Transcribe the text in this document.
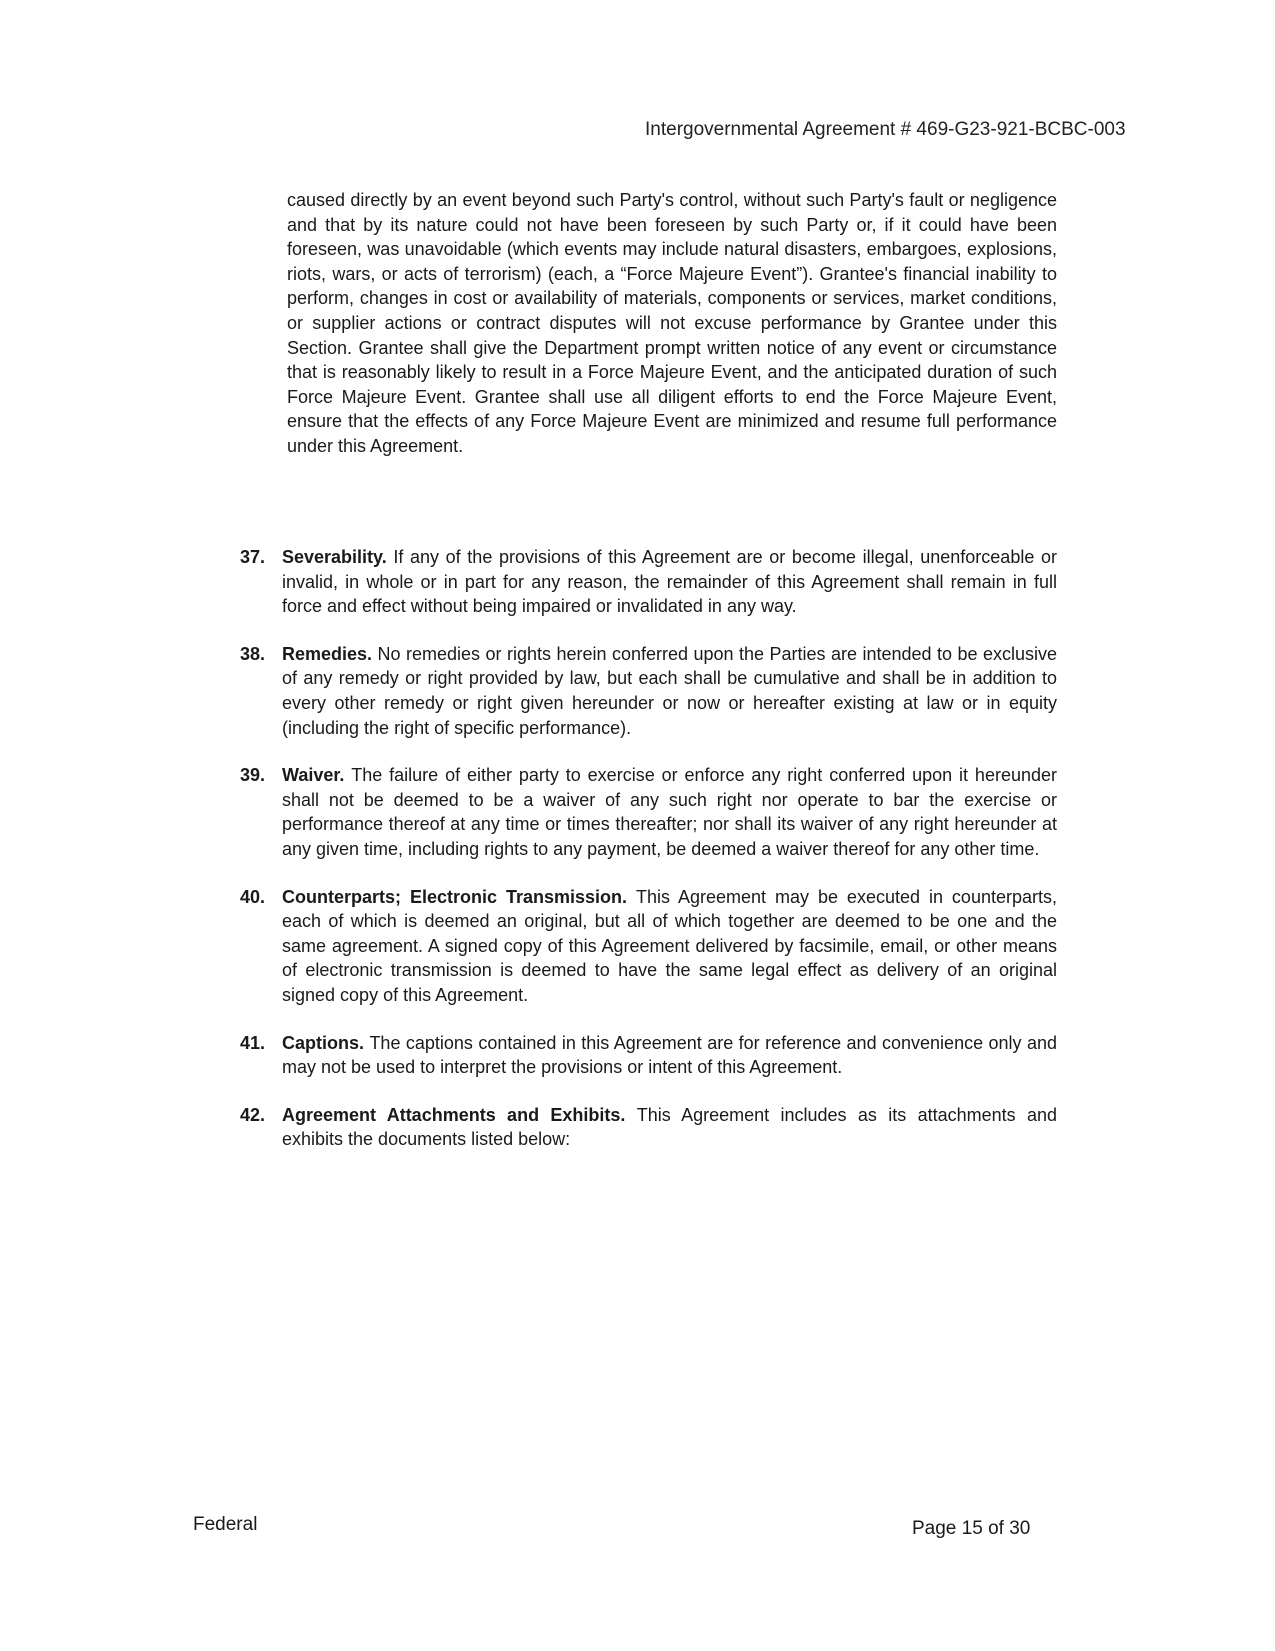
Intergovernmental Agreement # 469-G23-921-BCBC-003
caused directly by an event beyond such Party's control, without such Party's fault or negligence and that by its nature could not have been foreseen by such Party or, if it could have been foreseen, was unavoidable (which events may include natural disasters, embargoes, explosions, riots, wars, or acts of terrorism) (each, a “Force Majeure Event”). Grantee's financial inability to perform, changes in cost or availability of materials, components or services, market conditions, or supplier actions or contract disputes will not excuse performance by Grantee under this Section. Grantee shall give the Department prompt written notice of any event or circumstance that is reasonably likely to result in a Force Majeure Event, and the anticipated duration of such Force Majeure Event. Grantee shall use all diligent efforts to end the Force Majeure Event, ensure that the effects of any Force Majeure Event are minimized and resume full performance under this Agreement.
37. Severability. If any of the provisions of this Agreement are or become illegal, unenforceable or invalid, in whole or in part for any reason, the remainder of this Agreement shall remain in full force and effect without being impaired or invalidated in any way.
38. Remedies. No remedies or rights herein conferred upon the Parties are intended to be exclusive of any remedy or right provided by law, but each shall be cumulative and shall be in addition to every other remedy or right given hereunder or now or hereafter existing at law or in equity (including the right of specific performance).
39. Waiver. The failure of either party to exercise or enforce any right conferred upon it hereunder shall not be deemed to be a waiver of any such right nor operate to bar the exercise or performance thereof at any time or times thereafter; nor shall its waiver of any right hereunder at any given time, including rights to any payment, be deemed a waiver thereof for any other time.
40. Counterparts; Electronic Transmission. This Agreement may be executed in counterparts, each of which is deemed an original, but all of which together are deemed to be one and the same agreement. A signed copy of this Agreement delivered by facsimile, email, or other means of electronic transmission is deemed to have the same legal effect as delivery of an original signed copy of this Agreement.
41. Captions. The captions contained in this Agreement are for reference and convenience only and may not be used to interpret the provisions or intent of this Agreement.
42. Agreement Attachments and Exhibits. This Agreement includes as its attachments and exhibits the documents listed below:
Federal	Page 15 of 30
